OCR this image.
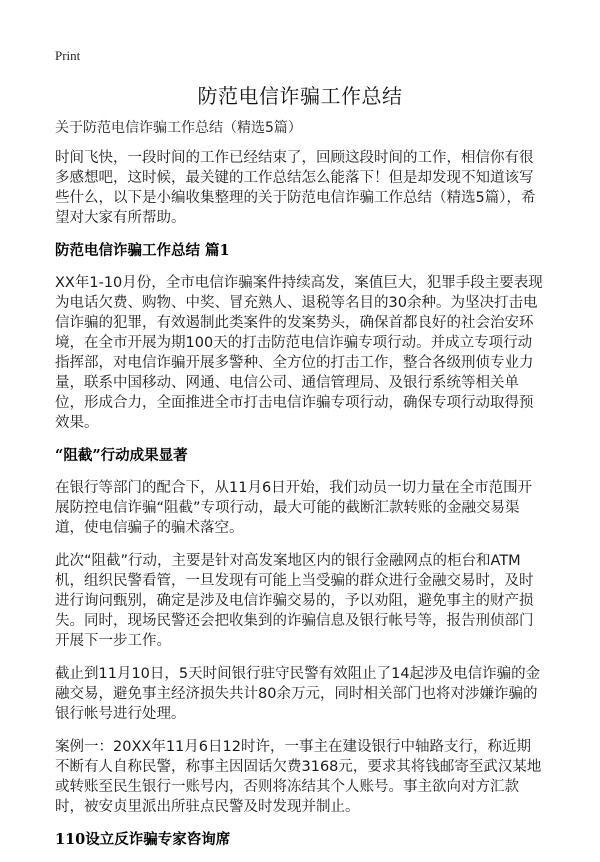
Print
防范电信诈骗工作总结

关于防范电信诈骗工作总结（精选5篇）

时间飞快，一段时间的工作已经结束了，回顾这段时间的工作，相信你有很多感想吧，这时候，最关键的工作总结怎么能落下！但是却发现不知道该写些什么，以下是小编收集整理的关于防范电信诈骗工作总结（精选5篇），希望对大家有所帮助。

防范电信诈骗工作总结 篇1

XX年1-10月份，全市电信诈骗案件持续高发，案值巨大，犯罪手段主要表现为电话欠费、购物、中奖、冒充熟人、退税等名目的30余种。为坚决打击电信诈骗的犯罪，有效遏制此类案件的发案势头，确保首都良好的社会治安环境，在全市开展为期100天的打击防范电信诈骗专项行动。并成立专项行动指挥部，对电信诈骗开展多警种、全方位的打击工作，整合各级刑侦专业力量，联系中国移动、网通、电信公司、通信管理局、及银行系统等相关单位，形成合力，全面推进全市打击电信诈骗专项行动，确保专项行动取得预效果。

“阻截”行动成果显著

在银行等部门的配合下，从11月6日开始，我们动员一切力量在全市范围开展防控电信诈骗“阻截”专项行动，最大可能的截断汇款转账的金融交易渠道，使电信骗子的骗术落空。

此次“阻截”行动，主要是针对高发案地区内的银行金融网点的柜台和ATM机，组织民警看管，一旦发现有可能上当受骗的群众进行金融交易时，及时进行询问甄别，确定是涉及电信诈骗交易的，予以劝阻，避免事主的财产损失。同时，现场民警还会把收集到的诈骗信息及银行帐号等，报告刑侦部门开展下一步工作。

截止到11月10日，5天时间银行驻守民警有效阻止了14起涉及电信诈骗的金融交易，避免事主经济损失共计80余万元，同时相关部门也将对涉嫌诈骗的银行帐号进行处理。

案例一：20XX年11月6日12时许，一事主在建设银行中轴路支行，称近期不断有人自称民警，称事主因固话欠费3168元，要求其将钱邮寄至武汉某地或转账至民生银行一账号内，否则将冻结其个人账号。事主欲向对方汇款时，被安贞里派出所驻点民警及时发现并制止。

110设立反诈骗专家咨询席
